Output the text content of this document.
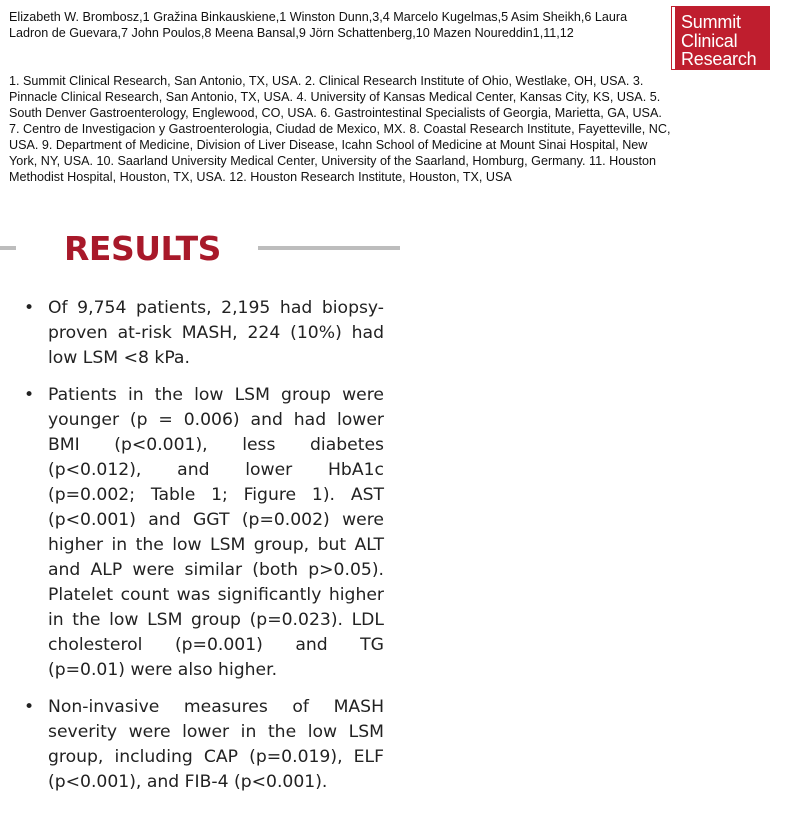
Elizabeth W. Brombosz,1 Gražina Binkauskiene,1 Winston Dunn,3,4 Marcelo Kugelmas,5 Asim Sheikh,6 Laura Ladron de Guevara,7 John Poulos,8 Meena Bansal,9 Jörn Schattenberg,10 Mazen Noureddin1,11,12

Summit
Clinical
Research

1. Summit Clinical Research, San Antonio, TX, USA. 2. Clinical Research Institute of Ohio, Westlake, OH, USA. 3. Pinnacle Clinical Research, San Antonio, TX, USA. 4. University of Kansas Medical Center, Kansas City, KS, USA. 5. South Denver Gastroenterology, Englewood, CO, USA. 6. Gastrointestinal Specialists of Georgia, Marietta, GA, USA. 7. Centro de Investigacion y Gastroenterologia, Ciudad de Mexico, MX. 8. Coastal Research Institute, Fayetteville, NC, USA. 9. Department of Medicine, Division of Liver Disease, Icahn School of Medicine at Mount Sinai Hospital, New York, NY, USA. 10. Saarland University Medical Center, University of the Saarland, Homburg, Germany. 11. Houston Methodist Hospital, Houston, TX, USA. 12. Houston Research Institute, Houston, TX, USA

RESULTS
• Of 9,754 patients, 2,195 had biopsy-proven at-risk MASH, 224 (10%) had low LSM <8 kPa.
• Patients in the low LSM group were younger (p = 0.006) and had lower BMI (p<0.001), less diabetes (p<0.012), and lower HbA1c (p=0.002; Table 1; Figure 1). AST (p<0.001) and GGT (p=0.002) were higher in the low LSM group, but ALT and ALP were similar (both p>0.05). Platelet count was significantly higher in the low LSM group (p=0.023). LDL cholesterol (p=0.001) and TG (p=0.01) were also higher.
• Non-invasive measures of MASH severity were lower in the low LSM group, including CAP (p=0.019), ELF (p<0.001), and FIB-4 (p<0.001).
